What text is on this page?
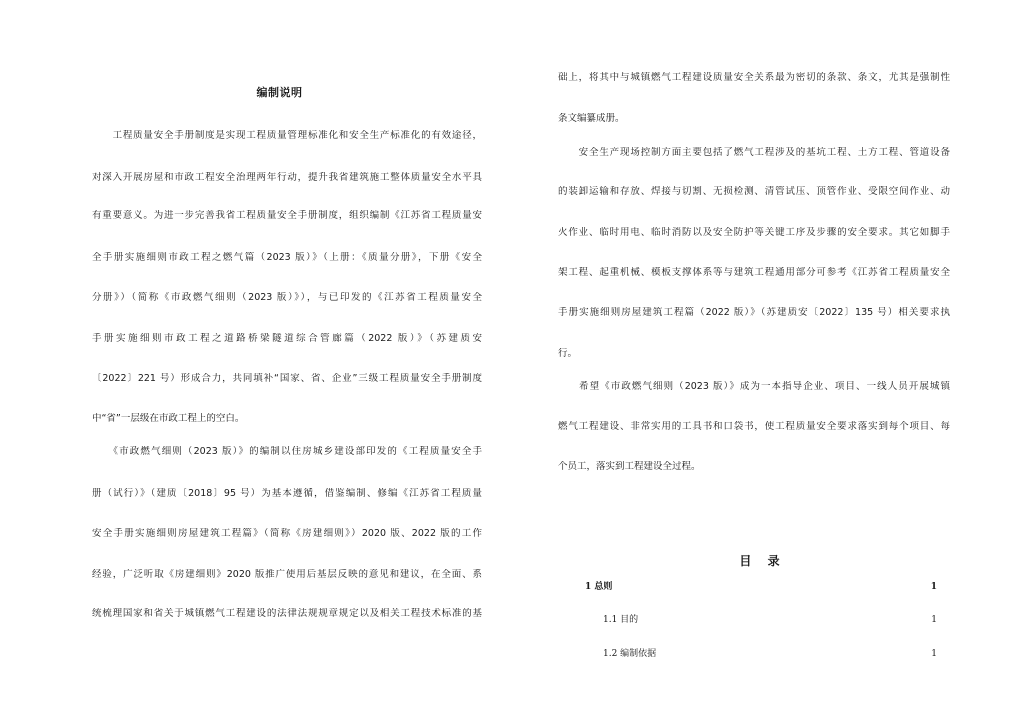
编制说明
　　工程质量安全手册制度是实现工程质量管理标准化和安全生产标准化的有效途径，
对深入开展房屋和市政工程安全治理两年行动，提升我省建筑施工整体质量安全水平具
有重要意义。为进一步完善我省工程质量安全手册制度，组织编制《江苏省工程质量安
全手册实施细则市政工程之燃气篇（2023 版）》（上册：《质量分册》，下册《安全
分册》）（简称《市政燃气细则（2023 版）》），与已印发的《江苏省工程质量安全
手册实施细则市政工程之道路桥梁隧道综合管廊篇（2022 版）》（苏建质安
〔2022〕221 号）形成合力，共同填补“国家、省、企业”三级工程质量安全手册制度
中“省”一层级在市政工程上的空白。
　　《市政燃气细则（2023 版）》的编制以住房城乡建设部印发的《工程质量安全手
册（试行）》（建质〔2018〕95 号）为基本遵循，借鉴编制、修编《江苏省工程质量
安全手册实施细则房屋建筑工程篇》（简称《房建细则》）2020 版、2022 版的工作
经验，广泛听取《房建细则》2020 版推广使用后基层反映的意见和建议，在全面、系
统梳理国家和省关于城镇燃气工程建设的法律法规规章规定以及相关工程技术标准的基
础上，将其中与城镇燃气工程建设质量安全关系最为密切的条款、条文，尤其是强制性
条文编纂成册。
　　安全生产现场控制方面主要包括了燃气工程涉及的基坑工程、土方工程、管道设备
的装卸运输和存放、焊接与切割、无损检测、清管试压、顶管作业、受限空间作业、动
火作业、临时用电、临时消防以及安全防护等关键工序及步骤的安全要求。其它如脚手
架工程、起重机械、模板支撑体系等与建筑工程通用部分可参考《江苏省工程质量安全
手册实施细则房屋建筑工程篇（2022 版）》（苏建质安〔2022〕135 号）相关要求执
行。
　　希望《市政燃气细则（2023 版）》成为一本指导企业、项目、一线人员开展城镇
燃气工程建设、非常实用的工具书和口袋书，使工程质量安全要求落实到每个项目、每
个员工，落实到工程建设全过程。
目 录
1 总则	1
1.1 目的	1
1.2 编制依据	1
